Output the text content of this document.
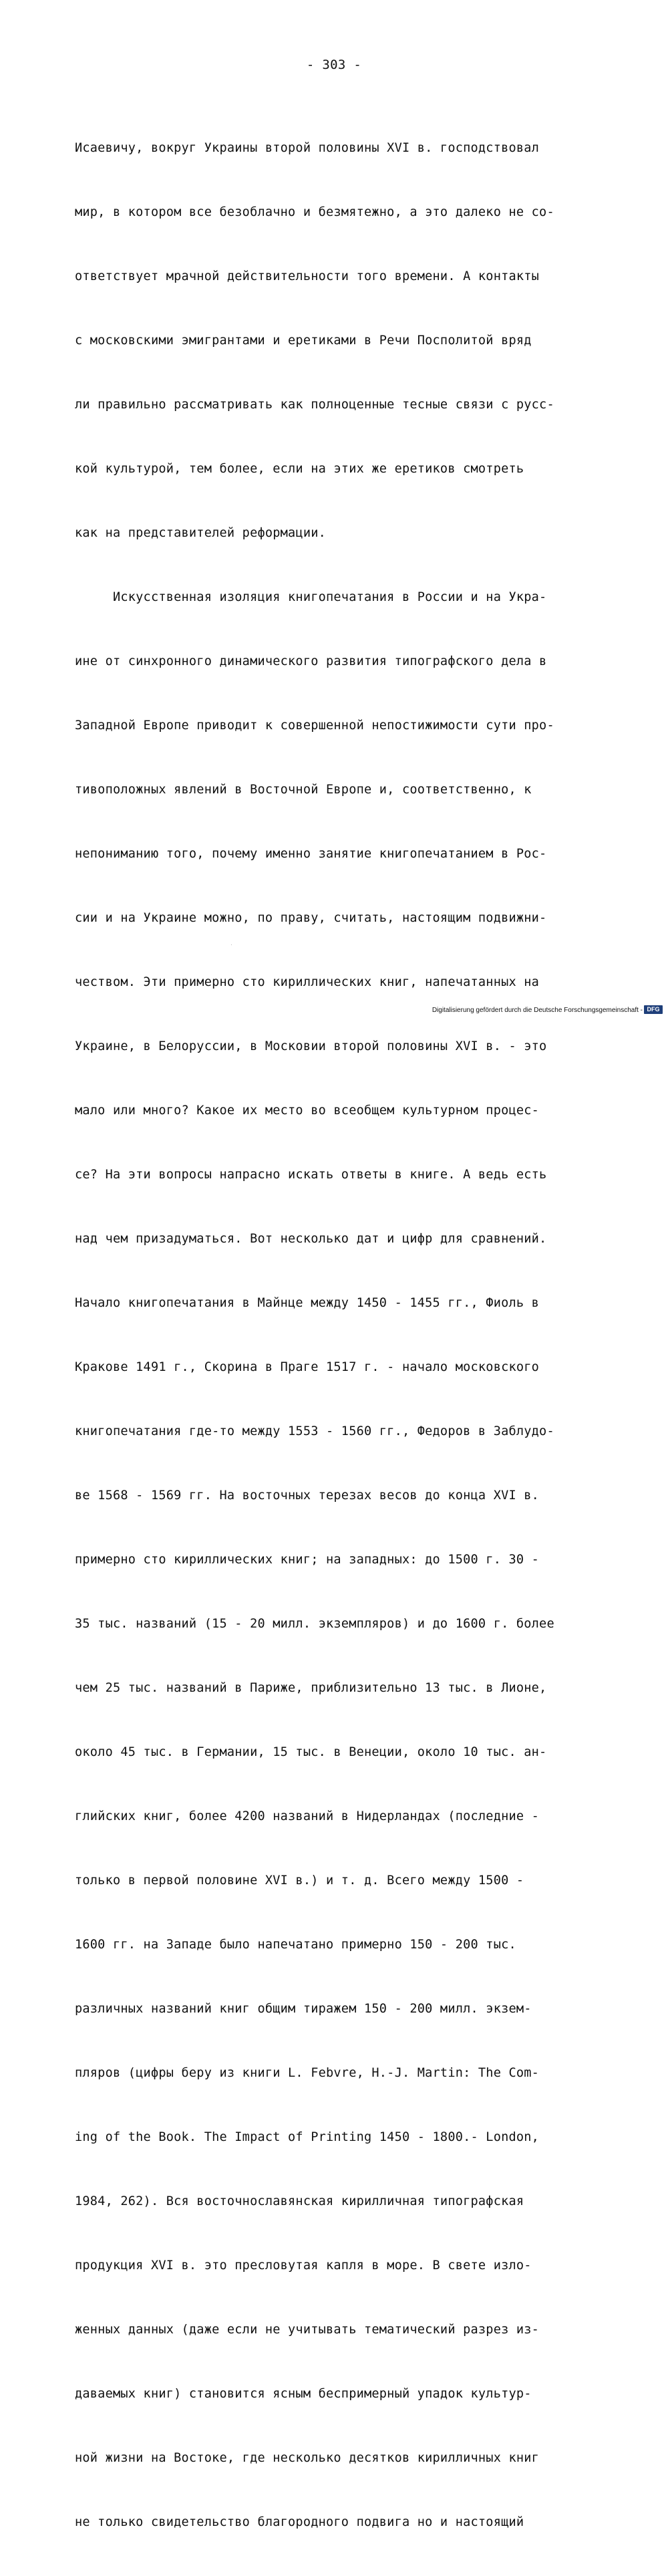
- 303 -

Исаевичу, вокруг Украины второй половины XVI в. господствовал

мир, в котором все безоблачно и безмятежно, а это далеко не со-

ответствует мрачной действительности того времени. А контакты

с московскими эмигрантами и еретиками в Речи Посполитой вряд

ли правильно рассматривать как полноценные тесные связи с русс-

кой культурой, тем более, если на этих же еретиков смотреть

как на представителей реформации.

Искусственная изоляция книгопечатания в России и на Укра-

ине от синхронного динамического развития типографского дела в

Западной Европе приводит к совершенной непостижимости сути про-

тивоположных явлений в Восточной Европе и, соответственно, к

непониманию того, почему именно занятие книгопечатанием в Рос-

сии и на Украине можно, по праву, считать, настоящим подвижни-

чеством. Эти примерно сто кириллических книг, напечатанных на

Украине, в Белоруссии, в Московии второй половины XVI в. - это

мало или много? Какое их место во всеобщем культурном процес-

се? На эти вопросы напрасно искать ответы в книге. А ведь есть

над чем призадуматься. Вот несколько дат и цифр для сравнений.

Начало книгопечатания в Майнце между 1450 - 1455 гг., Фиоль в

Кракове 1491 г., Скорина в Праге 1517 г. - начало московского

книгопечатания где-то между 1553 - 1560 гг., Федоров в Заблудо-

ве 1568 - 1569 гг. На восточных терезах весов до конца XVI в.

примерно сто кириллических книг; на западных: до 1500 г. 30 -

35 тыс. названий (15 - 20 милл. экземпляров) и до 1600 г. более

чем 25 тыс. названий в Париже, приблизительно 13 тыс. в Лионе,

около 45 тыс. в Германии, 15 тыс. в Венеции, около 10 тыс. ан-

глийских книг, более 4200 названий в Нидерландах (последние -

только в первой половине XVI в.) и т. д. Всего между 1500 -

1600 гг. на Западе было напечатано примерно 150 - 200 тыс.

различных названий книг общим тиражем 150 - 200 милл. экзем-

пляров (цифры беру из книги L. Febvre, H.-J. Martin: The Com-

ing of the Book. The Impact of Printing 1450 - 1800.- London,

1984, 262). Вся восточнославянская кирилличная типографская

продукция XVI в. это пресловутая капля в море. В свете изло-

женных данных (даже если не учитывать тематический разрез из-

даваемых книг) становится ясным беспримерный упадок культур-

ной жизни на Востоке, где несколько десятков кирилличных книг

не только свидетельство благородного подвига но и настоящий

Digitalisierung gefördert durch die Deutsche Forschungsgemeinschaft - DFG
